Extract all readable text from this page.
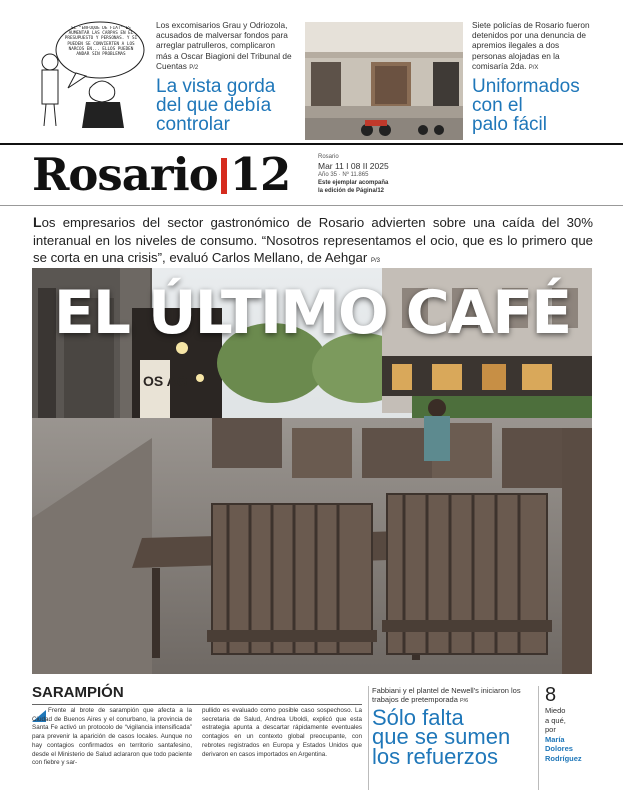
EL “ENFOQUE DE FIAT” ES AUMENTAR LAS CARPAS EN EL PRESUPUESTO Y PERSONAS. Y SI PUEDEN SE CONVIERTEN A LOS NARCOS EN... ELLOS PUEDEN ANDAR SIN PROBLEMAS
Los excomisarios Grau y Odriozola, acusados de malversar fondos para arreglar patrulleros, complicaron más a Oscar Biagioni del Tribunal de Cuentas P/2
La vista gorda
del que debía
controlar
Siete policías de Rosario fueron detenidos por una denuncia de apremios ilegales a dos personas alojadas en la comisaría 2da. P/X
Uniformados
con el
palo fácil
Rosario 12	Rosario
Mar 11 I 08 II 2025
Año 35 · Nº 11.865
Este ejemplar acompaña
la edición de Página/12
Los empresarios del sector gastronómico de Rosario advierten sobre una caída del 30% interanual en los niveles de consumo. “Nosotros representamos el ocio, que es lo primero que se corta en una crisis”, evaluó Carlos Mellano, de Aehgar P/3
OS AG
EL ÚLTIMO CAFÉ
SARAMPIÓN
Frente al brote de sarampión que afecta a la Ciudad de Buenos Aires y el conurbano, la provincia de Santa Fe activó un protocolo de “vigilancia intensificada” para prevenir la aparición de casos locales. Aunque no hay contagios confirmados en territorio santafesino, desde el Ministerio de Salud aclararon que todo paciente con fiebre y sar-
pullido es evaluado como posible caso sospechoso. La secretaria de Salud, Andrea Uboldi, explicó que esta estrategia apunta a descartar rápidamente eventuales contagios en un contexto global preocupante, con rebrotes registrados en Europa y Estados Unidos que derivaron en casos importados en Argentina.
Fabbiani y el plantel de Newell's iniciaron los trabajos de pretemporada P/6
Sólo falta
que se sumen
los refuerzos
8
Miedo
a qué,
por
María
Dolores
Rodríguez
